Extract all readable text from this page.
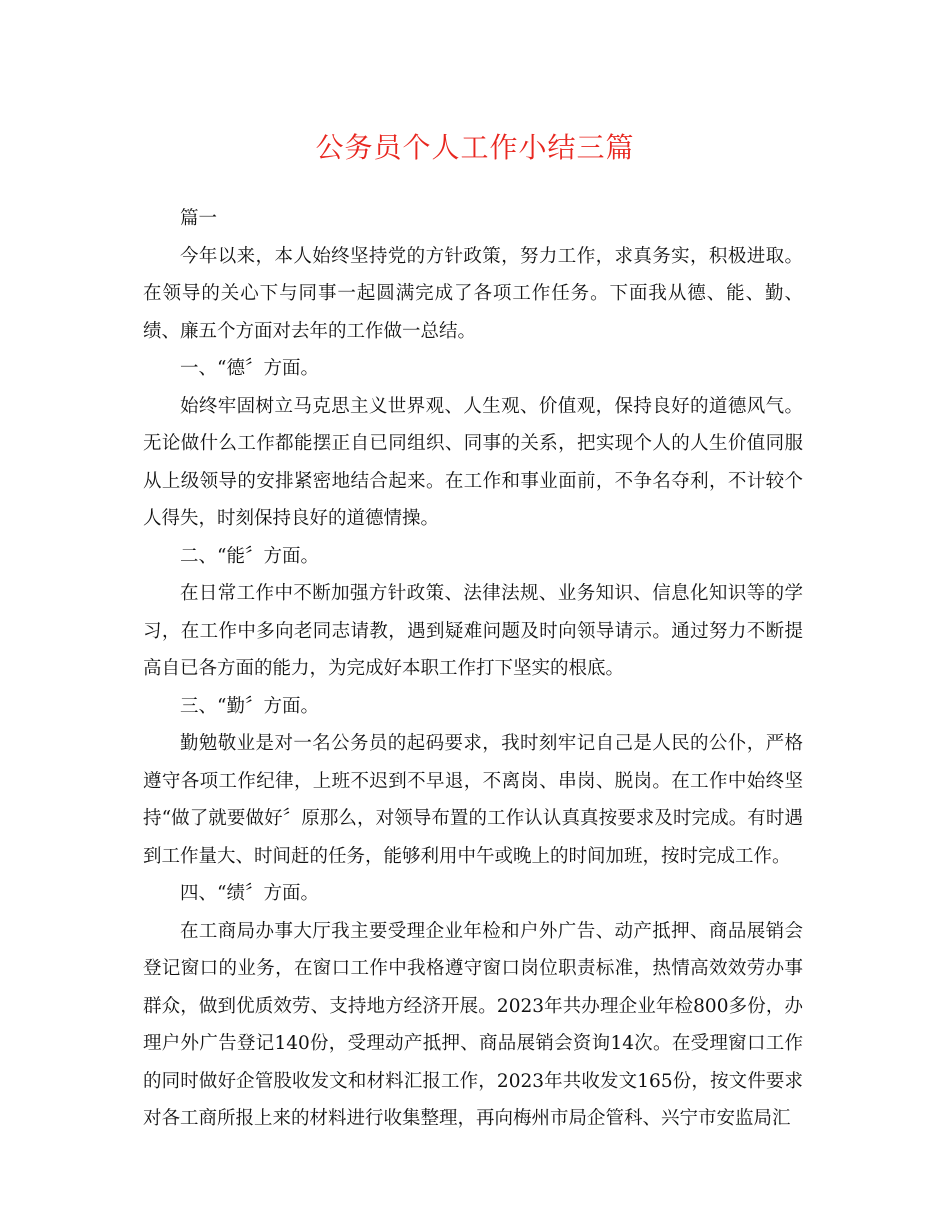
公务员个人工作小结三篇

篇一

今年以来，本人始终坚持党的方针政策，努力工作，求真务实，积极进取。在领导的关心下与同事一起圆满完成了各项工作任务。下面我从德、能、勤、绩、廉五个方面对去年的工作做一总结。

一、“德〞方面。

始终牢固树立马克思主义世界观、人生观、价值观，保持良好的道德风气。无论做什么工作都能摆正自已同组织、同事的关系，把实现个人的人生价值同服从上级领导的安排紧密地结合起来。在工作和事业面前，不争名夺利，不计较个人得失，时刻保持良好的道德情操。

二、“能〞方面。

在日常工作中不断加强方针政策、法律法规、业务知识、信息化知识等的学习，在工作中多向老同志请教，遇到疑难问题及时向领导请示。通过努力不断提高自已各方面的能力，为完成好本职工作打下坚实的根底。

三、“勤〞方面。

勤勉敬业是对一名公务员的起码要求，我时刻牢记自己是人民的公仆，严格遵守各项工作纪律，上班不迟到不早退，不离岗、串岗、脱岗。在工作中始终坚持“做了就要做好〞原那么，对领导布置的工作认认真真按要求及时完成。有时遇到工作量大、时间赶的任务，能够利用中午或晚上的时间加班，按时完成工作。

四、“绩〞方面。

在工商局办事大厅我主要受理企业年检和户外广告、动产抵押、商品展销会登记窗口的业务，在窗口工作中我格遵守窗口岗位职责标准，热情高效效劳办事群众，做到优质效劳、支持地方经济开展。2023年共办理企业年检800多份，办理户外广告登记140份，受理动产抵押、商品展销会资询14次。在受理窗口工作的同时做好企管股收发文和材料汇报工作，2023年共收发文165份，按文件要求对各工商所报上来的材料进行收集整理，再向梅州市局企管科、兴宁市安监局汇
